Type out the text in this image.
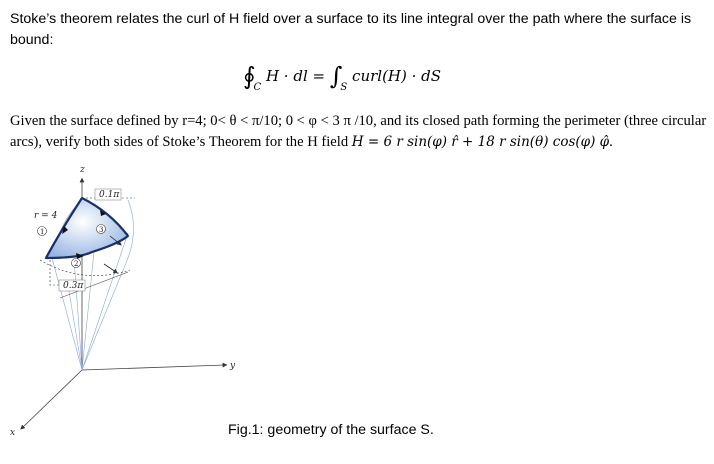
Stoke’s theorem relates the curl of H field over a surface to its line integral over the path where the surface is bound:

$∮_C$ H · dl = $\int_S$ curl(H) · dS

Given the surface defined by r=4; 0< θ < π/10; 0 < φ < 3 π /10, and its closed path forming the perimeter (three circular arcs), verify both sides of Stoke’s Theorem for the H field H = 6 r sin(φ) r̂ + 18 r sin(θ) cos(φ) φ̂.

z
y
x
1
2
3
r = 4
0.1π
0.3π
Fig.1: geometry of the surface S.
